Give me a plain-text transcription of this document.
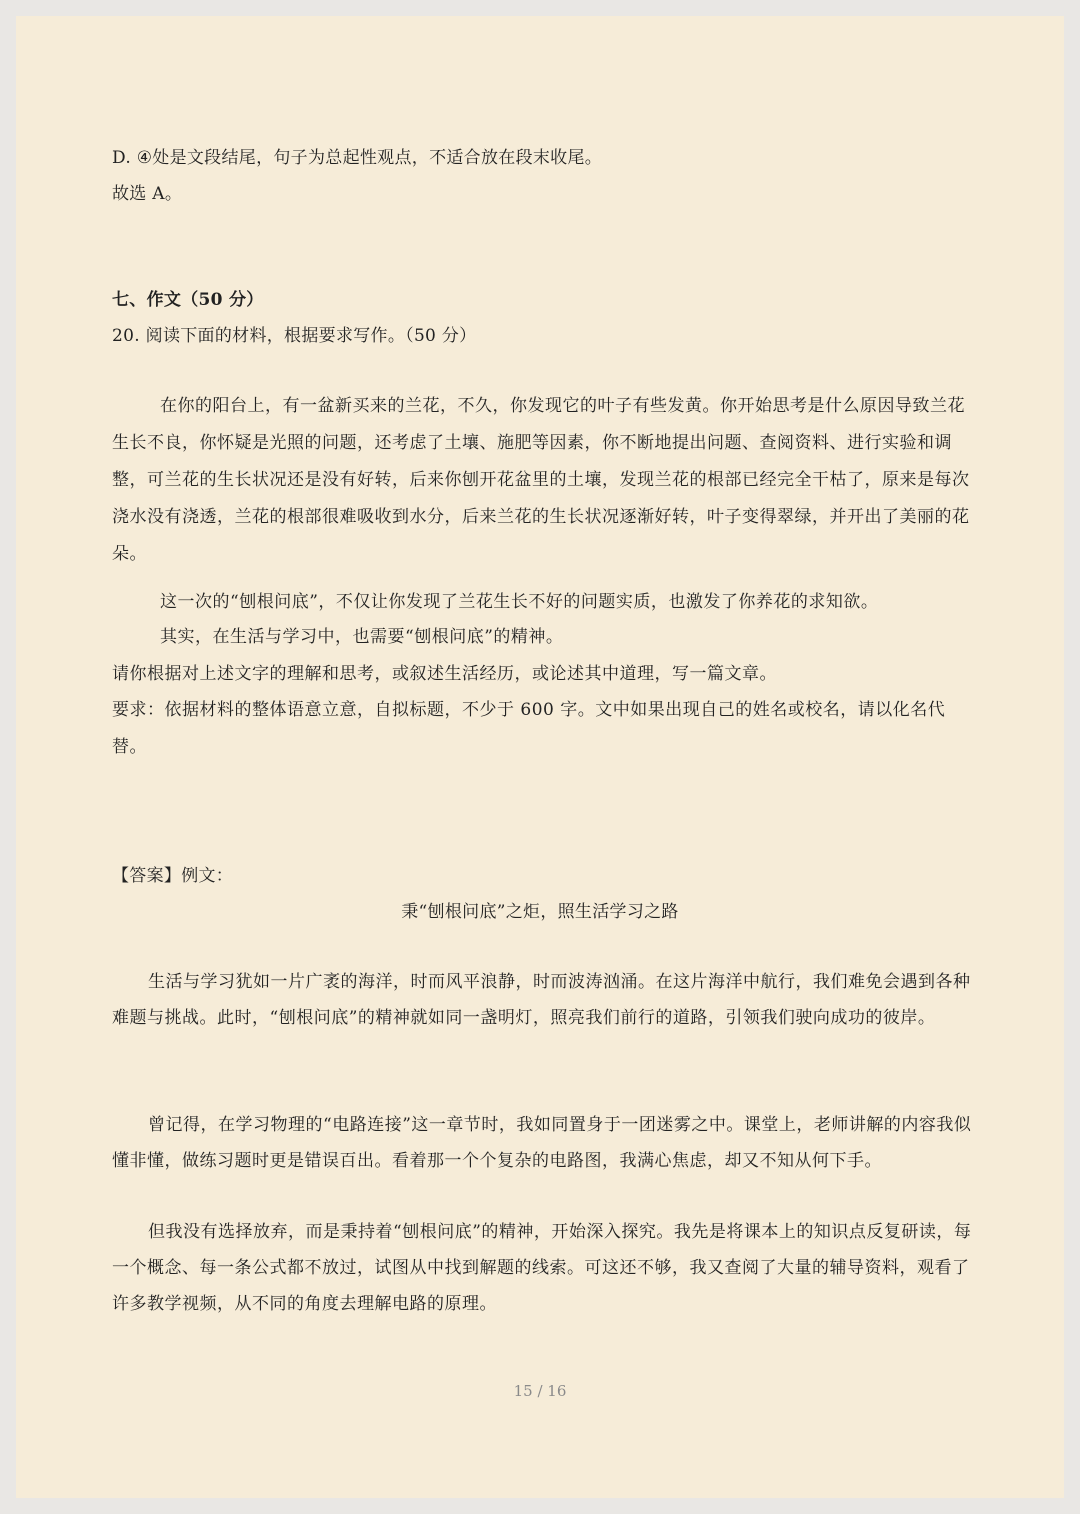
D. ④处是文段结尾，句子为总起性观点，不适合放在段末收尾。
故选 A。
七、作文（50 分）
20. 阅读下面的材料，根据要求写作。（50 分）
在你的阳台上，有一盆新买来的兰花，不久，你发现它的叶子有些发黄。你开始思考是什么原因导致兰花生长不良，你怀疑是光照的问题，还考虑了土壤、施肥等因素，你不断地提出问题、查阅资料、进行实验和调整，可兰花的生长状况还是没有好转，后来你刨开花盆里的土壤，发现兰花的根部已经完全干枯了，原来是每次浇水没有浇透，兰花的根部很难吸收到水分，后来兰花的生长状况逐渐好转，叶子变得翠绿，并开出了美丽的花朵。
这一次的“刨根问底”，不仅让你发现了兰花生长不好的问题实质，也激发了你养花的求知欲。
其实，在生活与学习中，也需要“刨根问底”的精神。
请你根据对上述文字的理解和思考，或叙述生活经历，或论述其中道理，写一篇文章。
要求：依据材料的整体语意立意，自拟标题，不少于 600 字。文中如果出现自己的姓名或校名，请以化名代替。
【答案】例文：
秉“刨根问底”之炬，照生活学习之路
生活与学习犹如一片广袤的海洋，时而风平浪静，时而波涛汹涌。在这片海洋中航行，我们难免会遇到各种难题与挑战。此时，“刨根问底”的精神就如同一盏明灯，照亮我们前行的道路，引领我们驶向成功的彼岸。
曾记得，在学习物理的“电路连接”这一章节时，我如同置身于一团迷雾之中。课堂上，老师讲解的内容我似懂非懂，做练习题时更是错误百出。看着那一个个复杂的电路图，我满心焦虑，却又不知从何下手。
但我没有选择放弃，而是秉持着“刨根问底”的精神，开始深入探究。我先是将课本上的知识点反复研读，每一个概念、每一条公式都不放过，试图从中找到解题的线索。可这还不够，我又查阅了大量的辅导资料，观看了许多教学视频，从不同的角度去理解电路的原理。
15 / 16
